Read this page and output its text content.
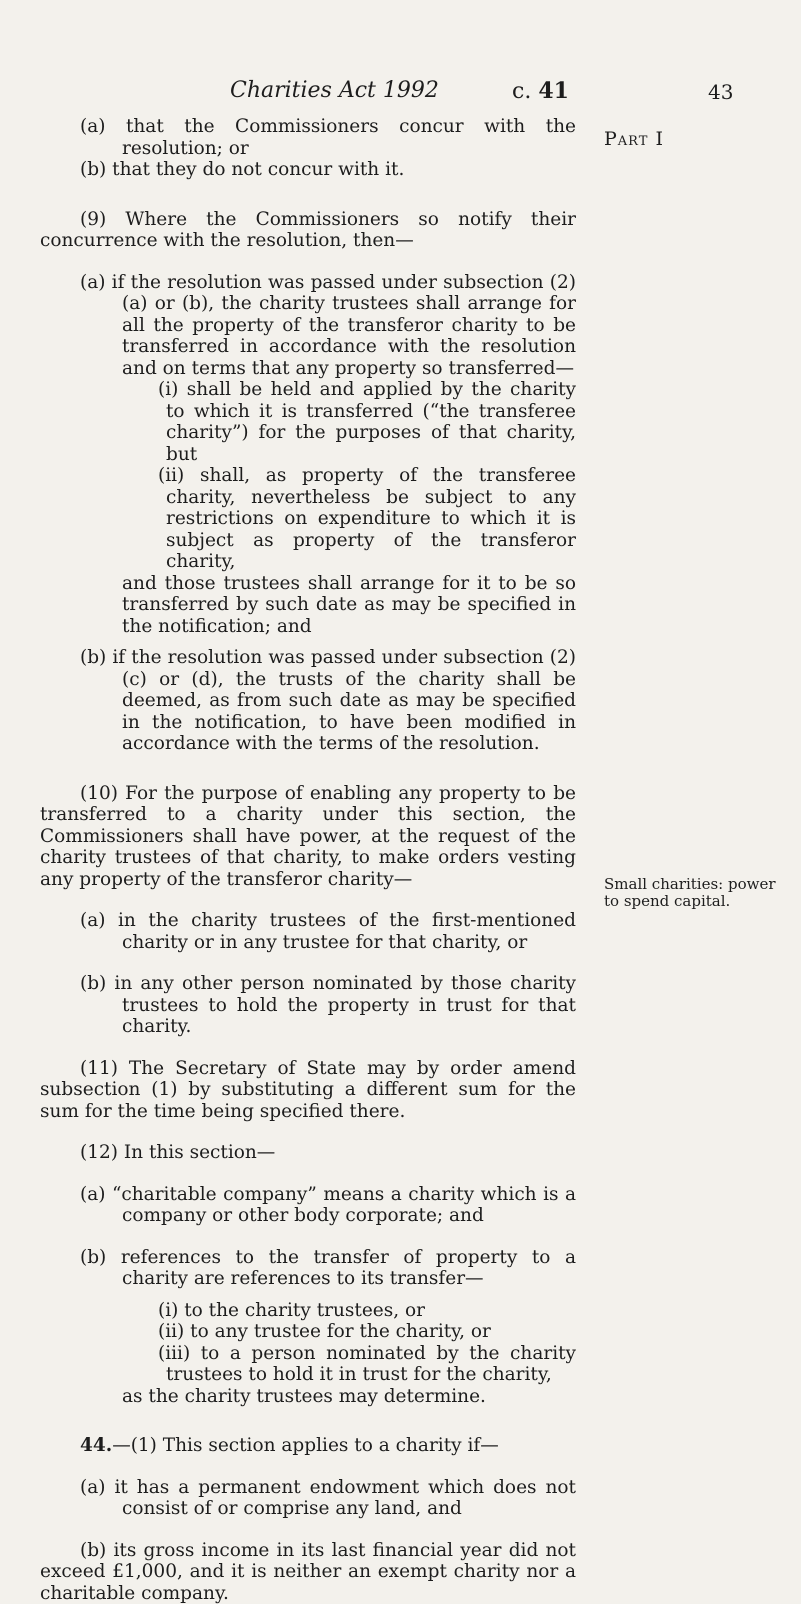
Charities Act 1992	c. 41	43
Part I
Small charities: power to spend capital.

(a) that the Commissioners concur with the resolution; or

(b) that they do not concur with it.

(9) Where the Commissioners so notify their concurrence with the resolution, then—

(a) if the resolution was passed under subsection (2)(a) or (b), the charity trustees shall arrange for all the property of the transferor charity to be transferred in accordance with the resolution and on terms that any property so transferred—

(i) shall be held and applied by the charity to which it is transferred (“the transferee charity”) for the purposes of that charity, but

(ii) shall, as property of the transferee charity, nevertheless be subject to any restrictions on expenditure to which it is subject as property of the transferor charity,

and those trustees shall arrange for it to be so transferred by such date as may be specified in the notification; and

(b) if the resolution was passed under subsection (2)(c) or (d), the trusts of the charity shall be deemed, as from such date as may be specified in the notification, to have been modified in accordance with the terms of the resolution.

(10) For the purpose of enabling any property to be transferred to a charity under this section, the Commissioners shall have power, at the request of the charity trustees of that charity, to make orders vesting any property of the transferor charity—

(a) in the charity trustees of the first-mentioned charity or in any trustee for that charity, or

(b) in any other person nominated by those charity trustees to hold the property in trust for that charity.

(11) The Secretary of State may by order amend subsection (1) by substituting a different sum for the sum for the time being specified there.

(12) In this section—

(a) “charitable company” means a charity which is a company or other body corporate; and

(b) references to the transfer of property to a charity are references to its transfer—

(i) to the charity trustees, or

(ii) to any trustee for the charity, or

(iii) to a person nominated by the charity trustees to hold it in trust for the charity,

as the charity trustees may determine.

44.—(1) This section applies to a charity if—

(a) it has a permanent endowment which does not consist of or comprise any land, and

(b) its gross income in its last financial year did not exceed £1,000, and it is neither an exempt charity nor a charitable company.
